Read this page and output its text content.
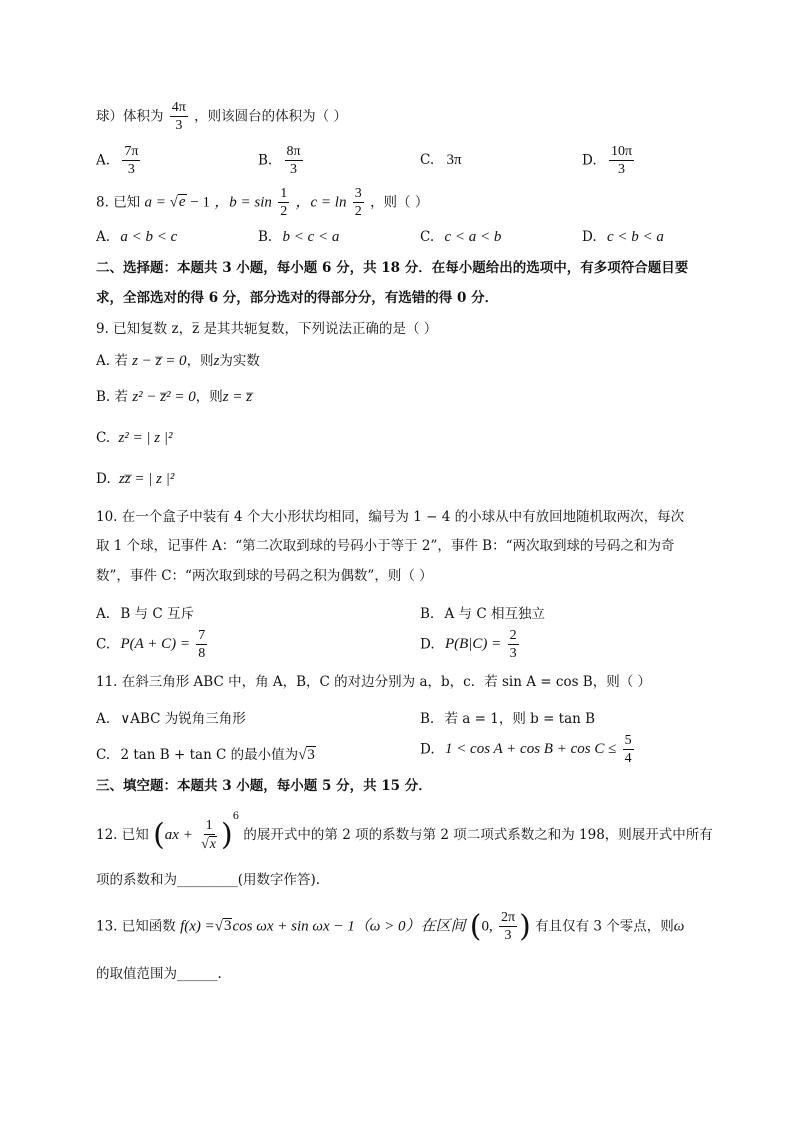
球）体积为 $\frac{4\pi}{3}$ ，则该圆台的体积为（ ）
A. $\frac{7\pi}{3}$	B. $\frac{8\pi}{3}$	C. 3π	D. $\frac{10\pi}{3}$
8. 已知 a = √e − 1 ，$b = \sin \frac{1}{2}$ ，$c = \ln \frac{3}{2}$ ，则（ ）
A. a < b < c	B. b < c < a	C. c < a < b	D. c < b < a
二、选择题：本题共 3 小题，每小题 6 分，共 18 分．在每小题给出的选项中，有多项符合题目要
求，全部选对的得 6 分，部分选对的得部分分，有选错的得 0 分．
9. 已知复数 z，z̅ 是其共轭复数，下列说法正确的是（ ）
A. 若 z − z̅ = 0，则z为实数
B. 若 z² − z̅² = 0，则z = z̅
C. z² = | z |²
D. zz̅ = | z |²
10. 在一个盒子中装有 4 个大小形状均相同，编号为 1 − 4 的小球从中有放回地随机取两次，每次
取 1 个球，记事件 A：“第二次取到球的号码小于等于 2”，事件 B：“两次取到球的号码之和为奇
数”，事件 C：“两次取到球的号码之积为偶数”，则（ ）
A. B 与 C 互斥	B. A 与 C 相互独立
C. $P(A + C) = \frac{7}{8}$	D. $P(B|C) = \frac{2}{3}$
11. 在斜三角形 ABC 中，角 A，B，C 的对边分别为 a，b，c．若 sin A = cos B，则（ ）
A. ∨ABC 为锐角三角形	B. 若 a = 1，则 b = tan B
C. 2 tan B + tan C 的最小值为√3	D. $1 < \cos A + \cos B + \cos C \le \frac{5}{4}$
三、填空题：本题共 3 小题，每小题 5 分，共 15 分．
12. 已知 $(ax + \frac{1}{√x} )^6$ 的展开式中的第 2 项的系数与第 2 项二项式系数之和为 198，则展开式中所有
项的系数和为_________(用数字作答).
13. 已知函数 f(x) =√3cos ωx + sin ωx − 1（ω > 0）在区间 (0, $\frac{2\pi}{3}$ ) 有且仅有 3 个零点，则ω
的取值范围为______.
